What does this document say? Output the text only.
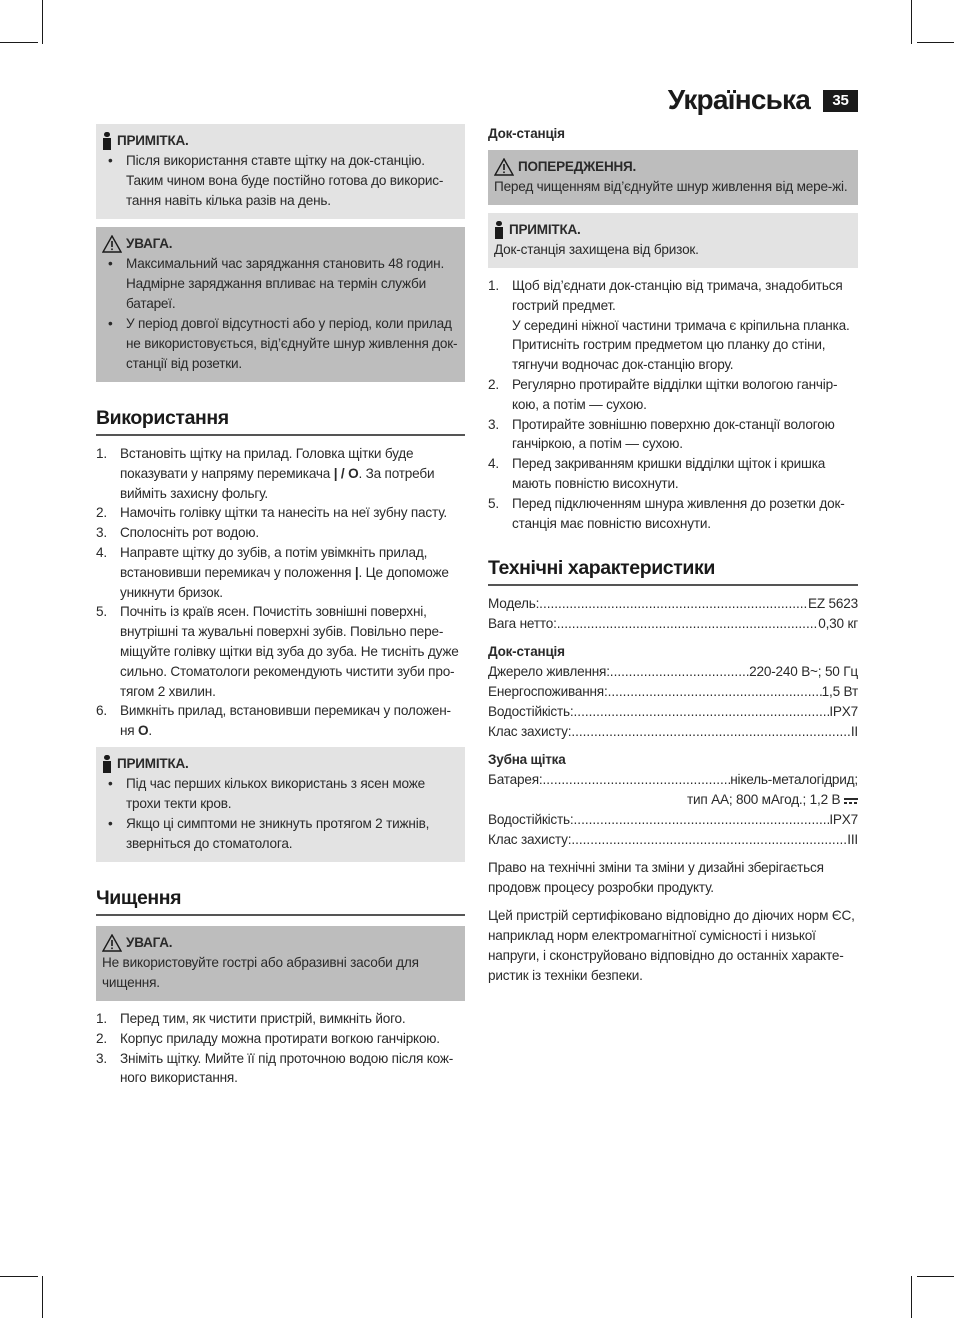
Українська	35
ПРИМІТКА.
• Після використання ставте щітку на док-станцію. Таким чином вона буде постійно готова до викорис-тання навіть кілька разів на день.
УВАГА.
• Максимальний час заряджання становить 48 годин. Надмірне заряджання впливає на термін служби батареї.
• У період довгої відсутності або у період, коли прилад не використовується, від’єднуйте шнур живлення док-станції від розетки.
Використання
1. Встановіть щітку на прилад. Головка щітки буде показувати у напряму перемикача | / O. За потреби вийміть захисну фольгу.
2. Намочіть голівку щітки та нанесіть на неї зубну пасту.
3. Сполосніть рот водою.
4. Направте щітку до зубів, а потім увімкніть прилад, встановивши перемикач у положення |. Це допоможе уникнути бризок.
5. Почніть із країв ясен. Почистіть зовнішні поверхні, внутрішні та жувальні поверхні зубів. Повільно пере-міщуйте голівку щітки від зуба до зуба. Не тисніть дуже сильно. Стоматологи рекомендують чистити зуби про-тягом 2 хвилин.
6. Вимкніть прилад, встановивши перемикач у положен-ня O.
ПРИМІТКА.
• Під час перших кількох використань з ясен може трохи текти кров.
• Якщо ці симптоми не зникнуть протягом 2 тижнів, зверніться до стоматолога.
Чищення
УВАГА.
Не використовуйте гострі або абразивні засоби для чищення.
1. Перед тим, як чистити пристрій, вимкніть його.
2. Корпус приладу можна протирати вогкою ганчіркою.
3. Зніміть щітку. Мийте її під проточною водою після кож-ного використання.
Док-станція
ПОПЕРЕДЖЕННЯ.
Перед чищенням від’єднуйте шнур живлення від мере-жі.
ПРИМІТКА.
Док-станція захищена від бризок.
1. Щоб від’єднати док-станцію від тримача, знадобиться гострий предмет.
У середині ніжної частини тримача є кріпильна планка. Притисніть гострим предметом цю планку до стіни, тягнучи водночас док-станцію вгору.
2. Регулярно протирайте відділки щітки вологою ганчір-кою, а потім — сухою.
3. Протирайте зовнішню поверхню док-станції вологою ганчіркою, а потім — сухою.
4. Перед закриванням кришки відділки щіток і кришка мають повністю висохнути.
5. Перед підключенням шнура живлення до розетки док-станція має повністю висохнути.
Технічні характеристики
Модель: .....	EZ 5623
Вага нетто: .....	0,30 кг
Док-станція
Джерело живлення: .....	220-240 В~; 50 Гц
Енергоспоживання: .....	1,5 Вт
Водостійкість: .....	IPX7
Клас захисту: .....	II
Зубна щітка
Батарея: .....	нікель-металогідрид;
тип AA; 800 мАгод.; 1,2 В
Водостійкість: .....	IPX7
Клас захисту: .....	III

Право на технічні зміни та зміни у дизайні зберігається продовж процесу розробки продукту.

Цей пристрій сертифіковано відповідно до діючих норм ЄС, наприклад норм електромагнітної сумісності і низької напруги, і сконструйовано відповідно до останніх характе-ристик із техніки безпеки.
